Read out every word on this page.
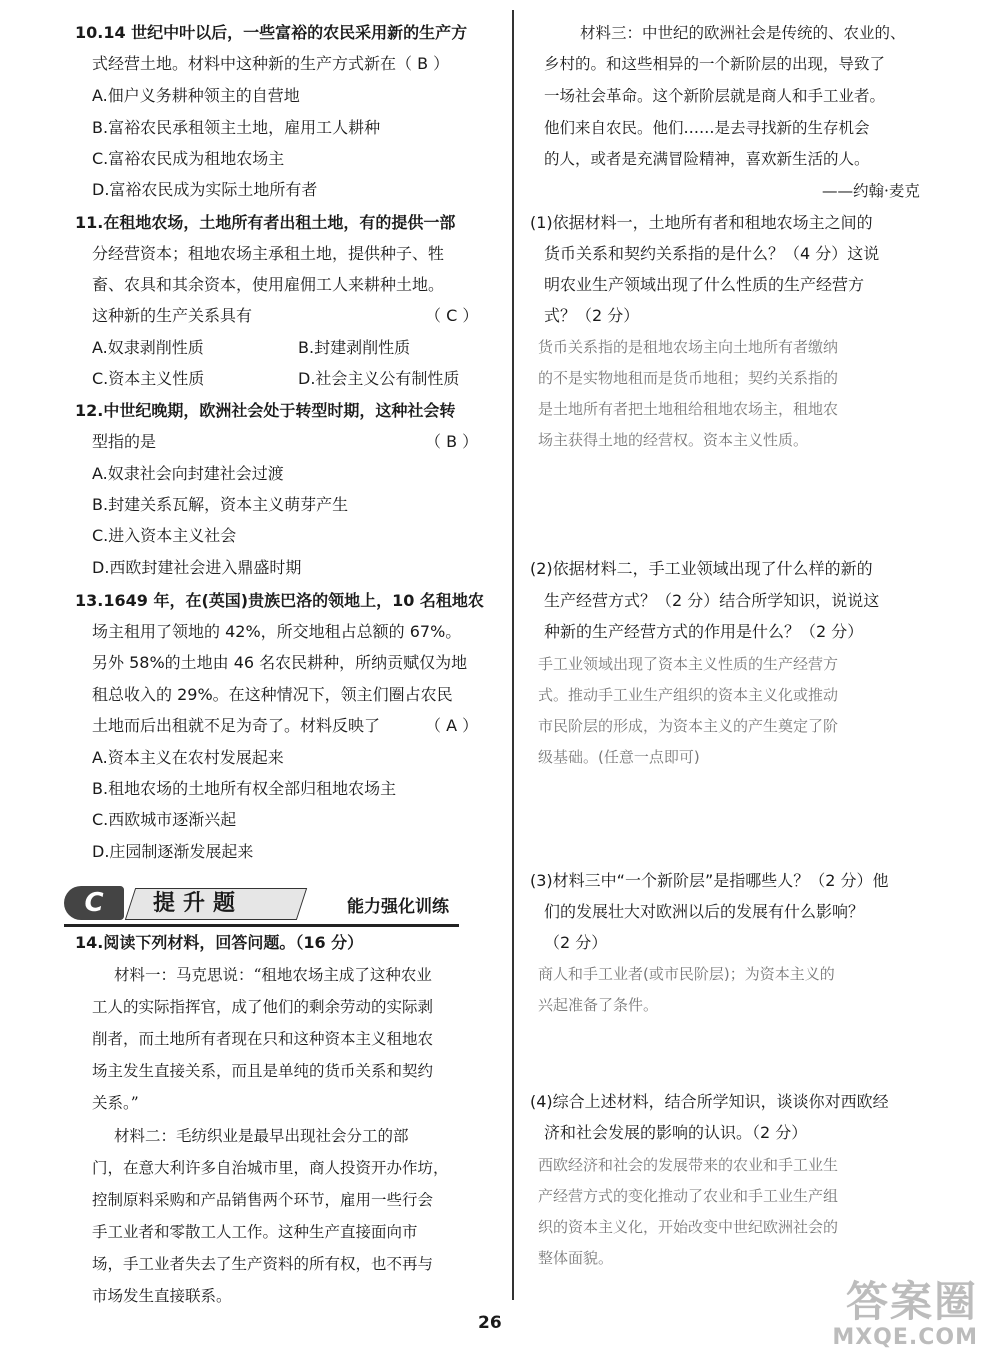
10.14 世纪中叶以后，一些富裕的农民采用新的生产方
式经营土地。材料中这种新的生产方式新在（ B ）
A.佃户义务耕种领主的自营地
B.富裕农民承租领主土地，雇用工人耕种
C.富裕农民成为租地农场主
D.富裕农民成为实际土地所有者
11.在租地农场，土地所有者出租土地，有的提供一部
分经营资本；租地农场主承租土地，提供种子、牲
畜、农具和其余资本，使用雇佣工人来耕种土地。
这种新的生产关系具有	（ C ）
A.奴隶剥削性质	B.封建剥削性质
C.资本主义性质	D.社会主义公有制性质
12.中世纪晚期，欧洲社会处于转型时期，这种社会转
型指的是	（ B ）
A.奴隶社会向封建社会过渡
B.封建关系瓦解，资本主义萌芽产生
C.进入资本主义社会
D.西欧封建社会进入鼎盛时期
13.1649 年，在(英国)贵族巴洛的领地上，10 名租地农
场主租用了领地的 42%，所交地租占总额的 67%。
另外 58%的土地由 46 名农民耕种，所纳贡赋仅为地
租总收入的 29%。在这种情况下，领主们圈占农民
土地而后出租就不足为奇了。材料反映了	（ A ）
A.资本主义在农村发展起来
B.租地农场的土地所有权全部归租地农场主
C.西欧城市逐渐兴起
D.庄园制逐渐发展起来
14.阅读下列材料，回答问题。（16 分）
材料一：马克思说：“租地农场主成了这种农业
工人的实际指挥官，成了他们的剩余劳动的实际剥
削者，而土地所有者现在只和这种资本主义租地农
场主发生直接关系，而且是单纯的货币关系和契约
关系。”
材料二：毛纺织业是最早出现社会分工的部
门，在意大利许多自治城市里，商人投资开办作坊，
控制原料采购和产品销售两个环节，雇用一些行会
手工业者和零散工人工作。这种生产直接面向市
场，手工业者失去了生产资料的所有权，也不再与
市场发生直接联系。
C	提升题	能力强化训练
材料三：中世纪的欧洲社会是传统的、农业的、
乡村的。和这些相异的一个新阶层的出现，导致了
一场社会革命。这个新阶层就是商人和手工业者。
他们来自农民。他们……是去寻找新的生存机会
的人，或者是充满冒险精神，喜欢新生活的人。
——约翰·麦克
(1)依据材料一，土地所有者和租地农场主之间的
货币关系和契约关系指的是什么？（4 分）这说
明农业生产领域出现了什么性质的生产经营方
式？（2 分）
货币关系指的是租地农场主向土地所有者缴纳
的不是实物地租而是货币地租；契约关系指的
是土地所有者把土地租给租地农场主，租地农
场主获得土地的经营权。资本主义性质。
(2)依据材料二，手工业领域出现了什么样的新的
生产经营方式？（2 分）结合所学知识，说说这
种新的生产经营方式的作用是什么？（2 分）
手工业领域出现了资本主义性质的生产经营方
式。推动手工业生产组织的资本主义化或推动
市民阶层的形成，为资本主义的产生奠定了阶
级基础。(任意一点即可)
(3)材料三中“一个新阶层”是指哪些人？（2 分）他
们的发展壮大对欧洲以后的发展有什么影响？
（2 分）
商人和手工业者(或市民阶层)；为资本主义的
兴起准备了条件。
(4)综合上述材料，结合所学知识，谈谈你对西欧经
济和社会发展的影响的认识。（2 分）
西欧经济和社会的发展带来的农业和手工业生
产经营方式的变化推动了农业和手工业生产组
织的资本主义化，开始改变中世纪欧洲社会的
整体面貌。
26	答案圈
MXQE.COM
